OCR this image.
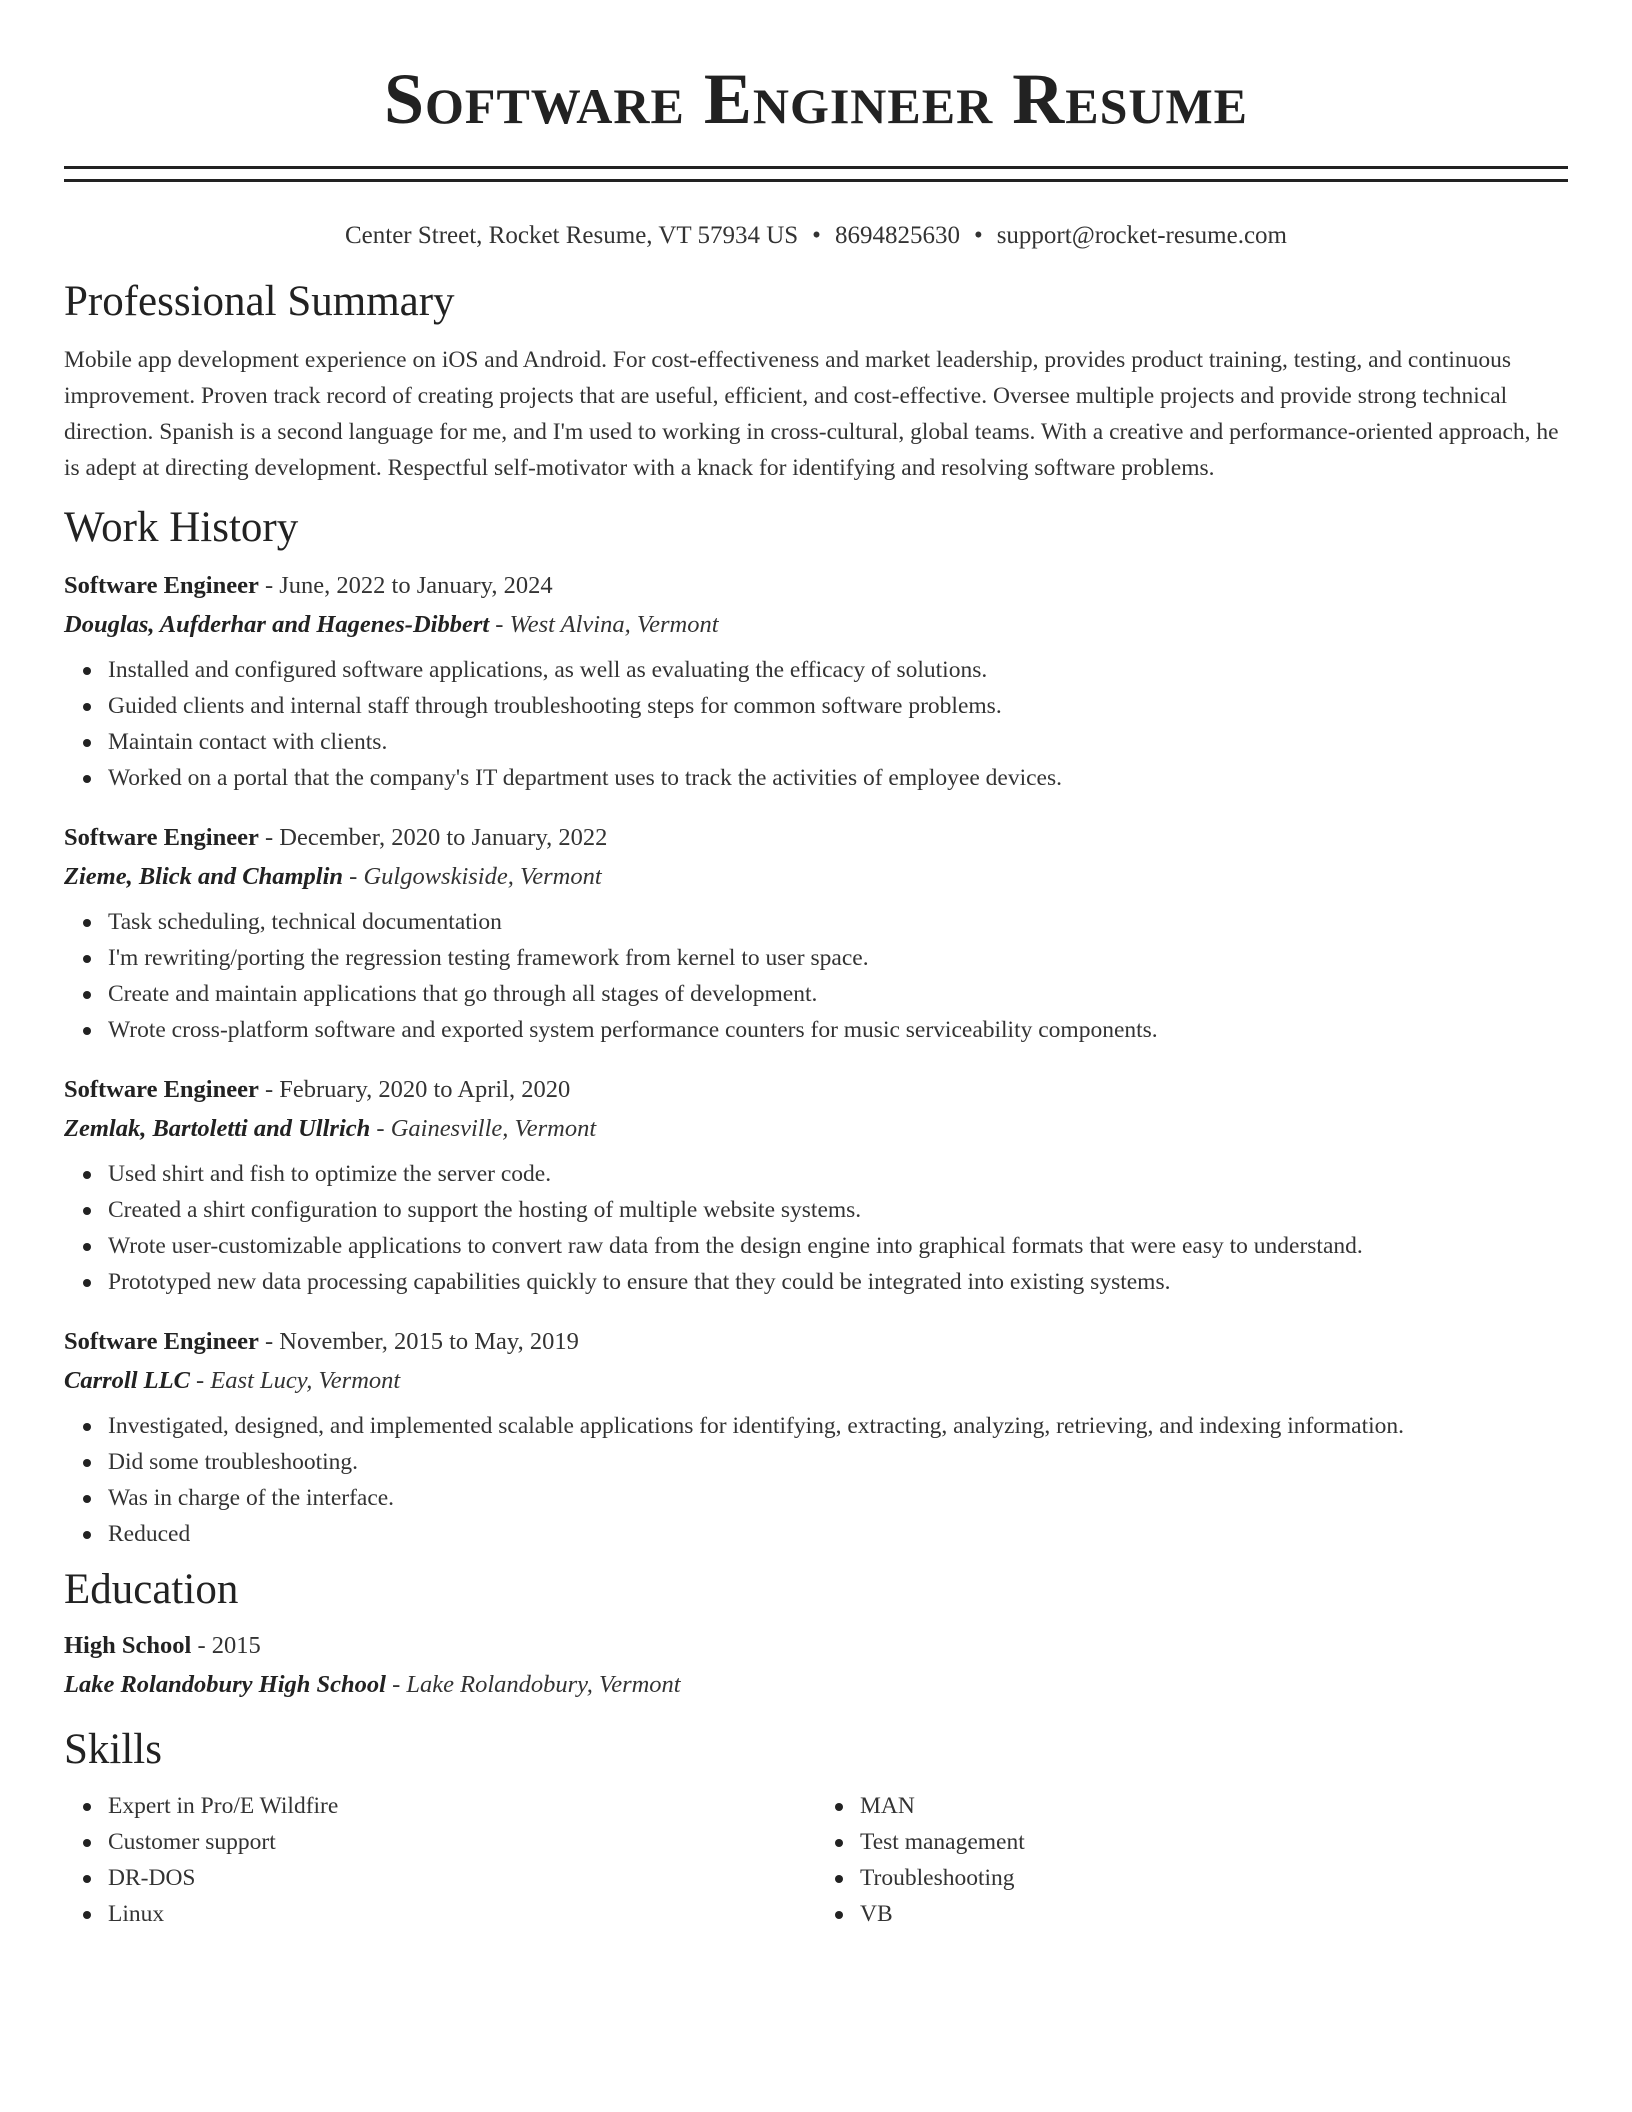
Software Engineer Resume
Center Street, Rocket Resume, VT 57934 US • 8694825630 • support@rocket-resume.com
Professional Summary

Mobile app development experience on iOS and Android. For cost-effectiveness and market leadership, provides product training, testing, and continuous improvement. Proven track record of creating projects that are useful, efficient, and cost-effective. Oversee multiple projects and provide strong technical direction. Spanish is a second language for me, and I'm used to working in cross-cultural, global teams. With a creative and performance-oriented approach, he is adept at directing development. Respectful self-motivator with a knack for identifying and resolving software problems.

Work History
Software Engineer - June, 2022 to January, 2024
Douglas, Aufderhar and Hagenes-Dibbert - West Alvina, Vermont
Installed and configured software applications, as well as evaluating the efficacy of solutions.
Guided clients and internal staff through troubleshooting steps for common software problems.
Maintain contact with clients.
Worked on a portal that the company's IT department uses to track the activities of employee devices.
Software Engineer - December, 2020 to January, 2022
Zieme, Blick and Champlin - Gulgowskiside, Vermont
Task scheduling, technical documentation
I'm rewriting/porting the regression testing framework from kernel to user space.
Create and maintain applications that go through all stages of development.
Wrote cross-platform software and exported system performance counters for music serviceability components.
Software Engineer - February, 2020 to April, 2020
Zemlak, Bartoletti and Ullrich - Gainesville, Vermont
Used shirt and fish to optimize the server code.
Created a shirt configuration to support the hosting of multiple website systems.
Wrote user-customizable applications to convert raw data from the design engine into graphical formats that were easy to understand.
Prototyped new data processing capabilities quickly to ensure that they could be integrated into existing systems.
Software Engineer - November, 2015 to May, 2019
Carroll LLC - East Lucy, Vermont
Investigated, designed, and implemented scalable applications for identifying, extracting, analyzing, retrieving, and indexing information.
Did some troubleshooting.
Was in charge of the interface.
Reduced
Education
High School - 2015
Lake Rolandobury High School - Lake Rolandobury, Vermont
Skills
Expert in Pro/E Wildfire
Customer support
DR-DOS
Linux
MAN
Test management
Troubleshooting
VB
